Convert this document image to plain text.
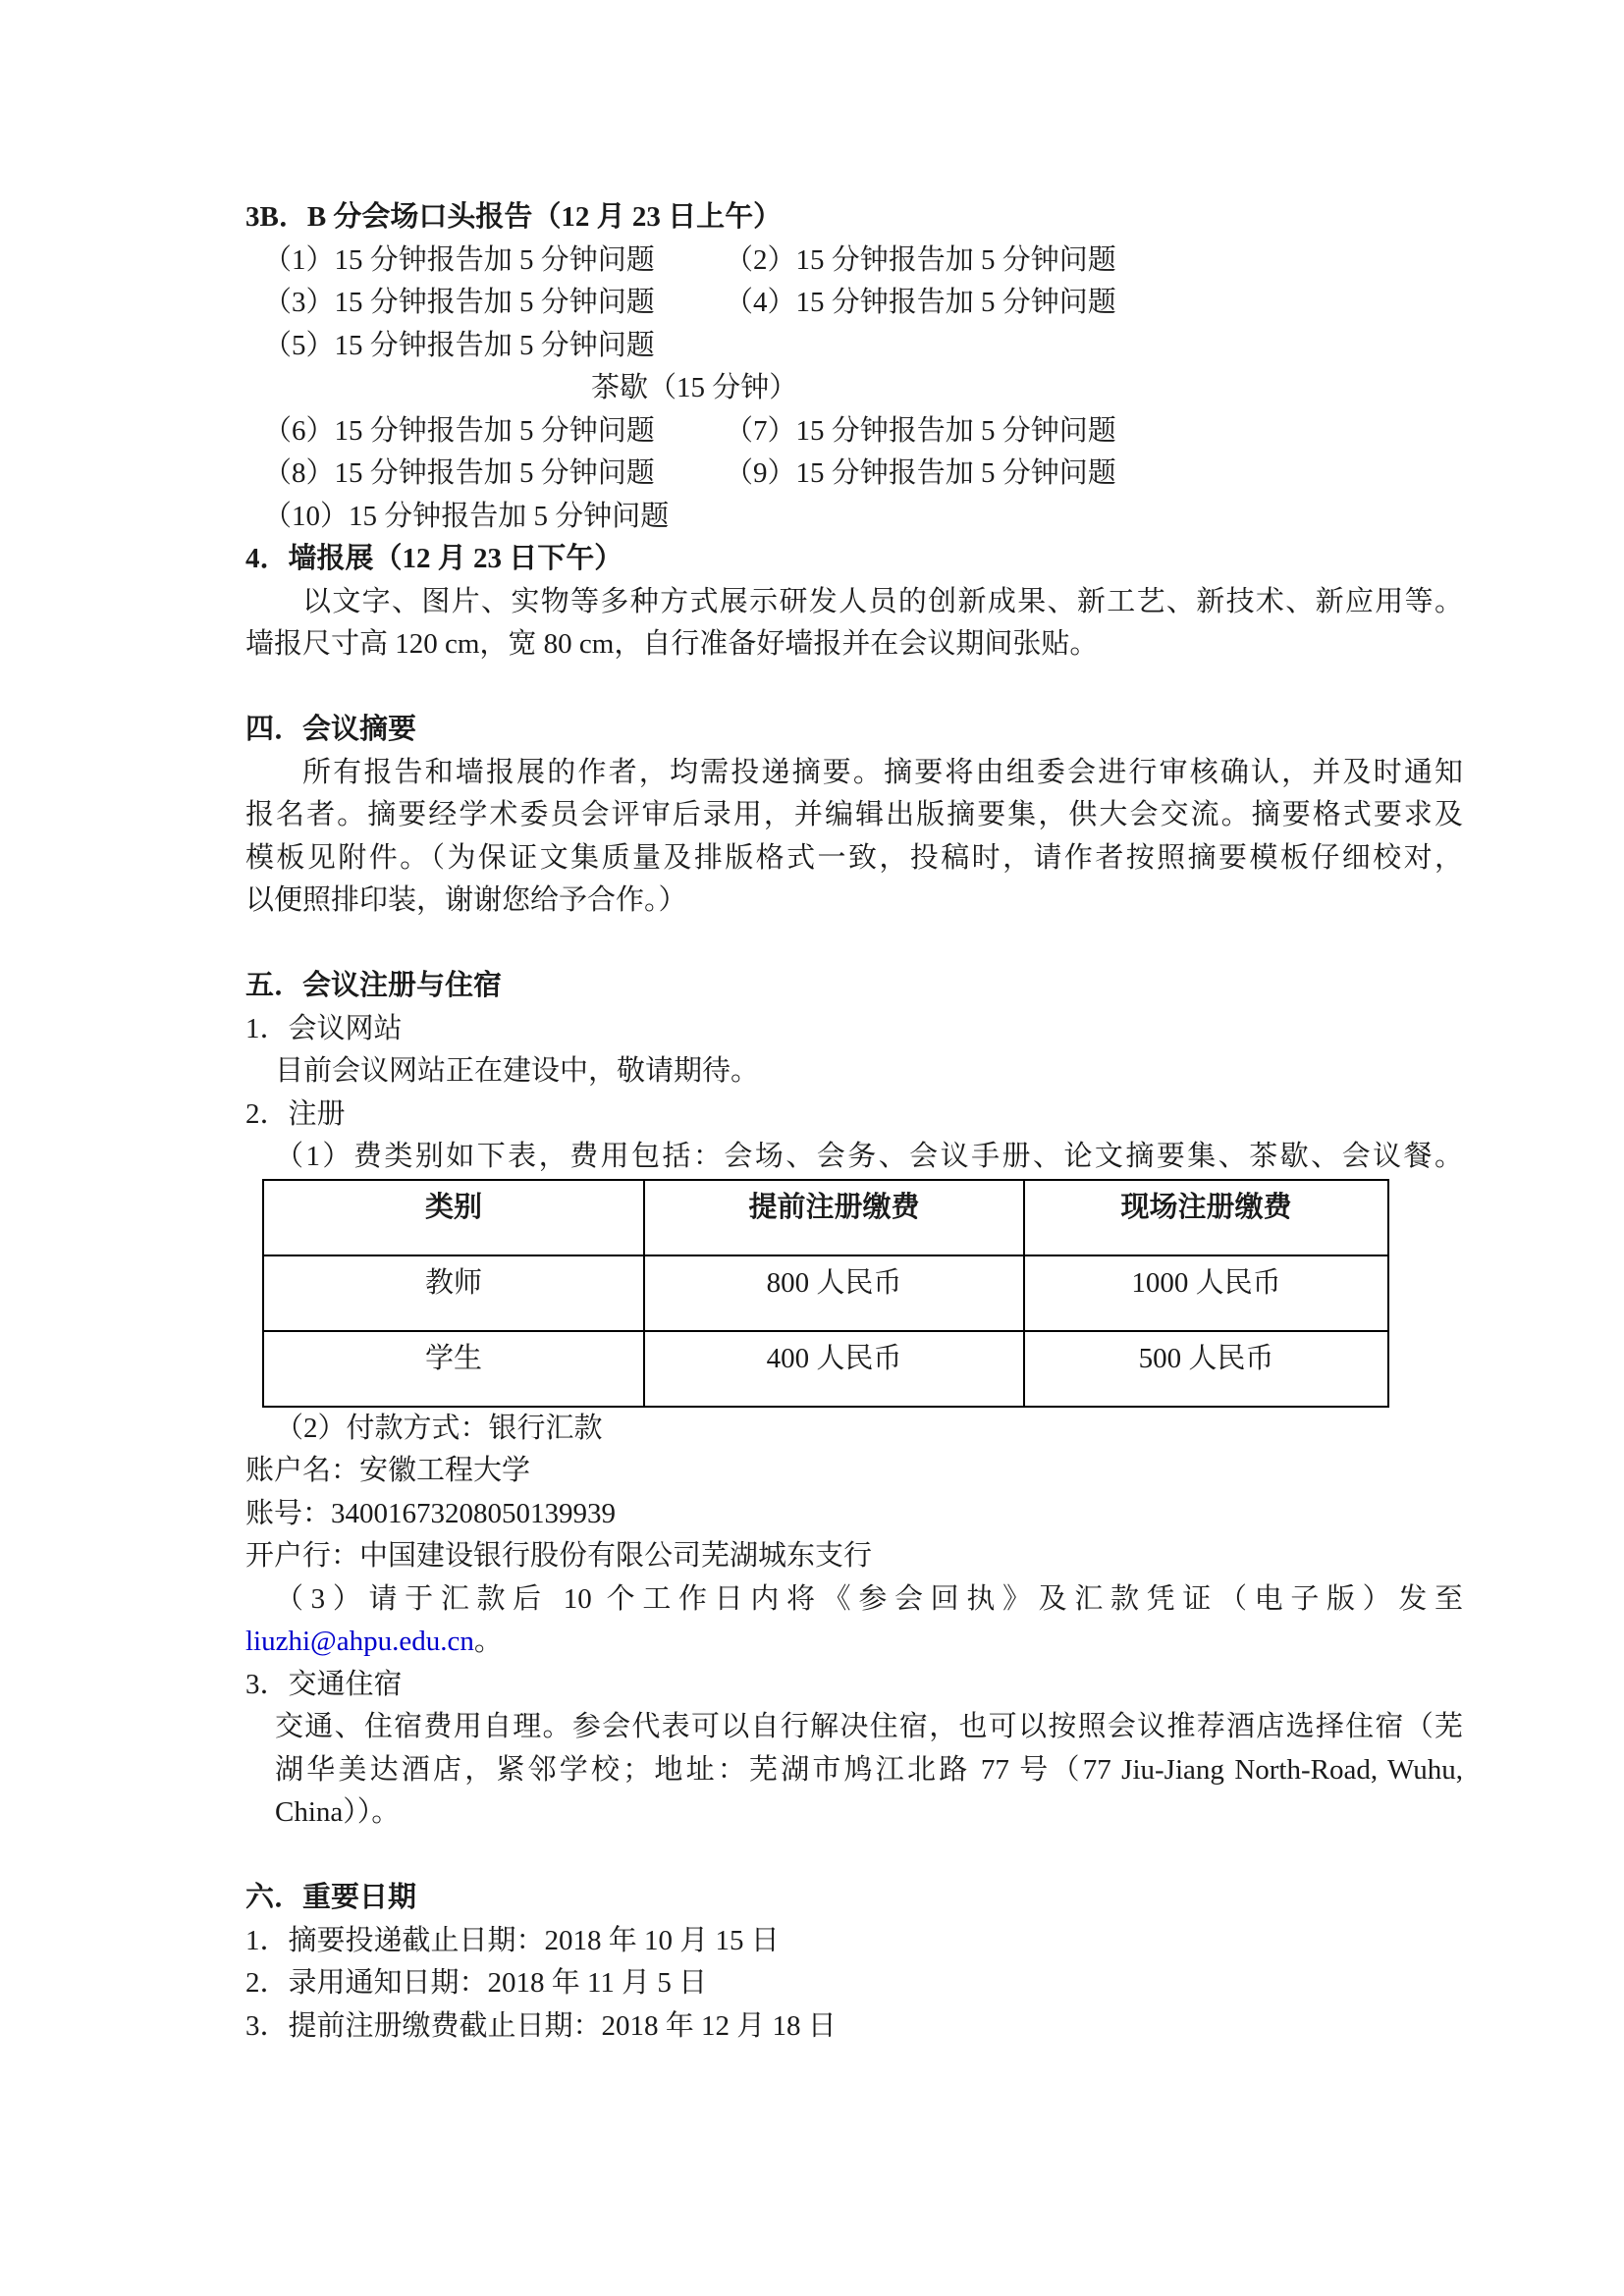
3B．B 分会场口头报告（12 月 23 日上午）
（1）15 分钟报告加 5 分钟问题 （2）15 分钟报告加 5 分钟问题
（3）15 分钟报告加 5 分钟问题 （4）15 分钟报告加 5 分钟问题
（5）15 分钟报告加 5 分钟问题
茶歇（15 分钟）
（6）15 分钟报告加 5 分钟问题 （7）15 分钟报告加 5 分钟问题
（8）15 分钟报告加 5 分钟问题 （9）15 分钟报告加 5 分钟问题
（10）15 分钟报告加 5 分钟问题
4．墙报展（12 月 23 日下午）
以文字、图片、实物等多种方式展示研发人员的创新成果、新工艺、新技术、新应用等。
墙报尺寸高 120 cm，宽 80 cm，自行准备好墙报并在会议期间张贴。
四．会议摘要
所有报告和墙报展的作者，均需投递摘要。摘要将由组委会进行审核确认，并及时通知
报名者。摘要经学术委员会评审后录用，并编辑出版摘要集，供大会交流。摘要格式要求及
模板见附件。（为保证文集质量及排版格式一致，投稿时，请作者按照摘要模板仔细校对，
以便照排印装，谢谢您给予合作。）
五．会议注册与住宿
1．会议网站
目前会议网站正在建设中，敬请期待。
2．注册
（1）费类别如下表，费用包括：会场、会务、会议手册、论文摘要集、茶歇、会议餐。
类别	提前注册缴费	现场注册缴费
教师	800 人民币	1000 人民币
学生	400 人民币	500 人民币
（2）付款方式：银行汇款
账户名：安徽工程大学
账号：34001673208050139939
开户行：中国建设银行股份有限公司芜湖城东支行
（3）请于汇款后 10 个工作日内将《参会回执》及汇款凭证（电子版）发至
liuzhi@ahpu.edu.cn。
3．交通住宿
交通、住宿费用自理。参会代表可以自行解决住宿，也可以按照会议推荐酒店选择住宿（芜
湖华美达酒店，紧邻学校；地址：芜湖市鸠江北路 77 号（77 Jiu-Jiang North-Road, Wuhu,
China））。
六．重要日期
1．摘要投递截止日期：2018 年 10 月 15 日
2．录用通知日期：2018 年 11 月 5 日
3．提前注册缴费截止日期：2018 年 12 月 18 日
